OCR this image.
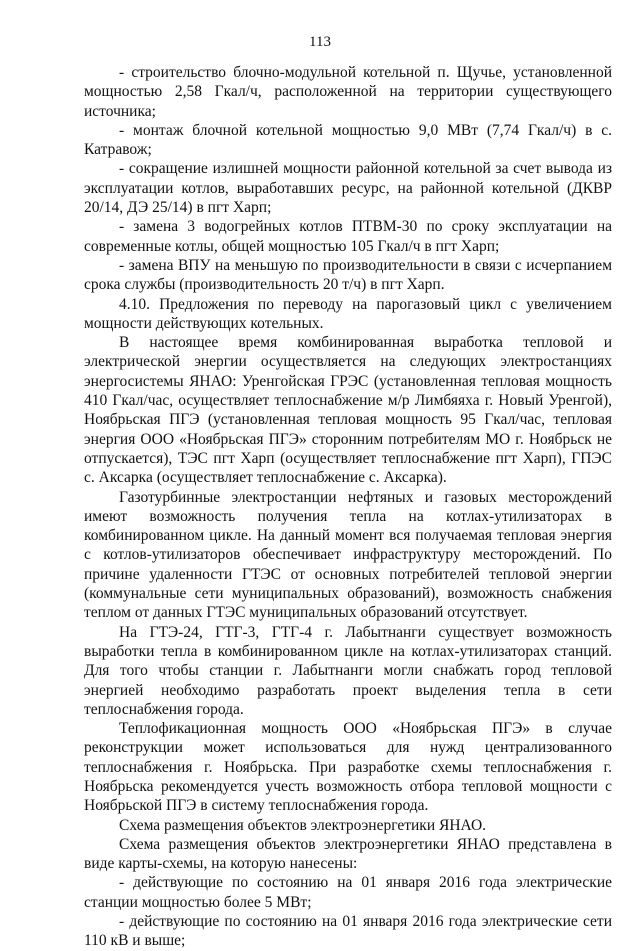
113

- строительство блочно-модульной котельной п. Щучье, установленной мощностью 2,58 Гкал/ч, расположенной на территории существующего источника;

- монтаж блочной котельной мощностью 9,0 МВт (7,74 Гкал/ч) в с. Катравож;

- сокращение излишней мощности районной котельной за счет вывода из эксплуатации котлов, выработавших ресурс, на районной котельной (ДКВР 20/14, ДЭ 25/14) в пгт Харп;

- замена 3 водогрейных котлов ПТВМ-30 по сроку эксплуатации на современные котлы, общей мощностью 105 Гкал/ч в пгт Харп;

- замена ВПУ на меньшую по производительности в связи с исчерпанием срока службы (производительность 20 т/ч) в пгт Харп.

4.10. Предложения по переводу на парогазовый цикл с увеличением мощности действующих котельных.

В настоящее время комбинированная выработка тепловой и электрической энергии осуществляется на следующих электростанциях энергосистемы ЯНАО: Уренгойская ГРЭС (установленная тепловая мощность 410 Гкал/час, осуществляет теплоснабжение м/р Лимбяяха г. Новый Уренгой), Ноябрьская ПГЭ (установленная тепловая мощность 95 Гкал/час, тепловая энергия ООО «Ноябрьская ПГЭ» сторонним потребителям МО г. Ноябрьск не отпускается), ТЭС пгт Харп (осуществляет теплоснабжение пгт Харп), ГПЭС с. Аксарка (осуществляет теплоснабжение с. Аксарка).

Газотурбинные электростанции нефтяных и газовых месторождений имеют возможность получения тепла на котлах-утилизаторах в комбинированном цикле. На данный момент вся получаемая тепловая энергия с котлов-утилизаторов обеспечивает инфраструктуру месторождений. По причине удаленности ГТЭС от основных потребителей тепловой энергии (коммунальные сети муниципальных образований), возможность снабжения теплом от данных ГТЭС муниципальных образований отсутствует.

На ГТЭ-24, ГТГ-3, ГТГ-4 г. Лабытнанги существует возможность выработки тепла в комбинированном цикле на котлах-утилизаторах станций. Для того чтобы станции г. Лабытнанги могли снабжать город тепловой энергией необходимо разработать проект выделения тепла в сети теплоснабжения города.

Теплофикационная мощность ООО «Ноябрьская ПГЭ» в случае реконструкции может использоваться для нужд централизованного теплоснабжения г. Ноябрьска. При разработке схемы теплоснабжения г. Ноябрьска рекомендуется учесть возможность отбора тепловой мощности с Ноябрьской ПГЭ в систему теплоснабжения города.

Схема размещения объектов электроэнергетики ЯНАО.

Схема размещения объектов электроэнергетики ЯНАО представлена в виде карты-схемы, на которую нанесены:

- действующие по состоянию на 01 января 2016 года электрические станции мощностью более 5 МВт;

- действующие по состоянию на 01 января 2016 года электрические сети 110 кВ и выше;
